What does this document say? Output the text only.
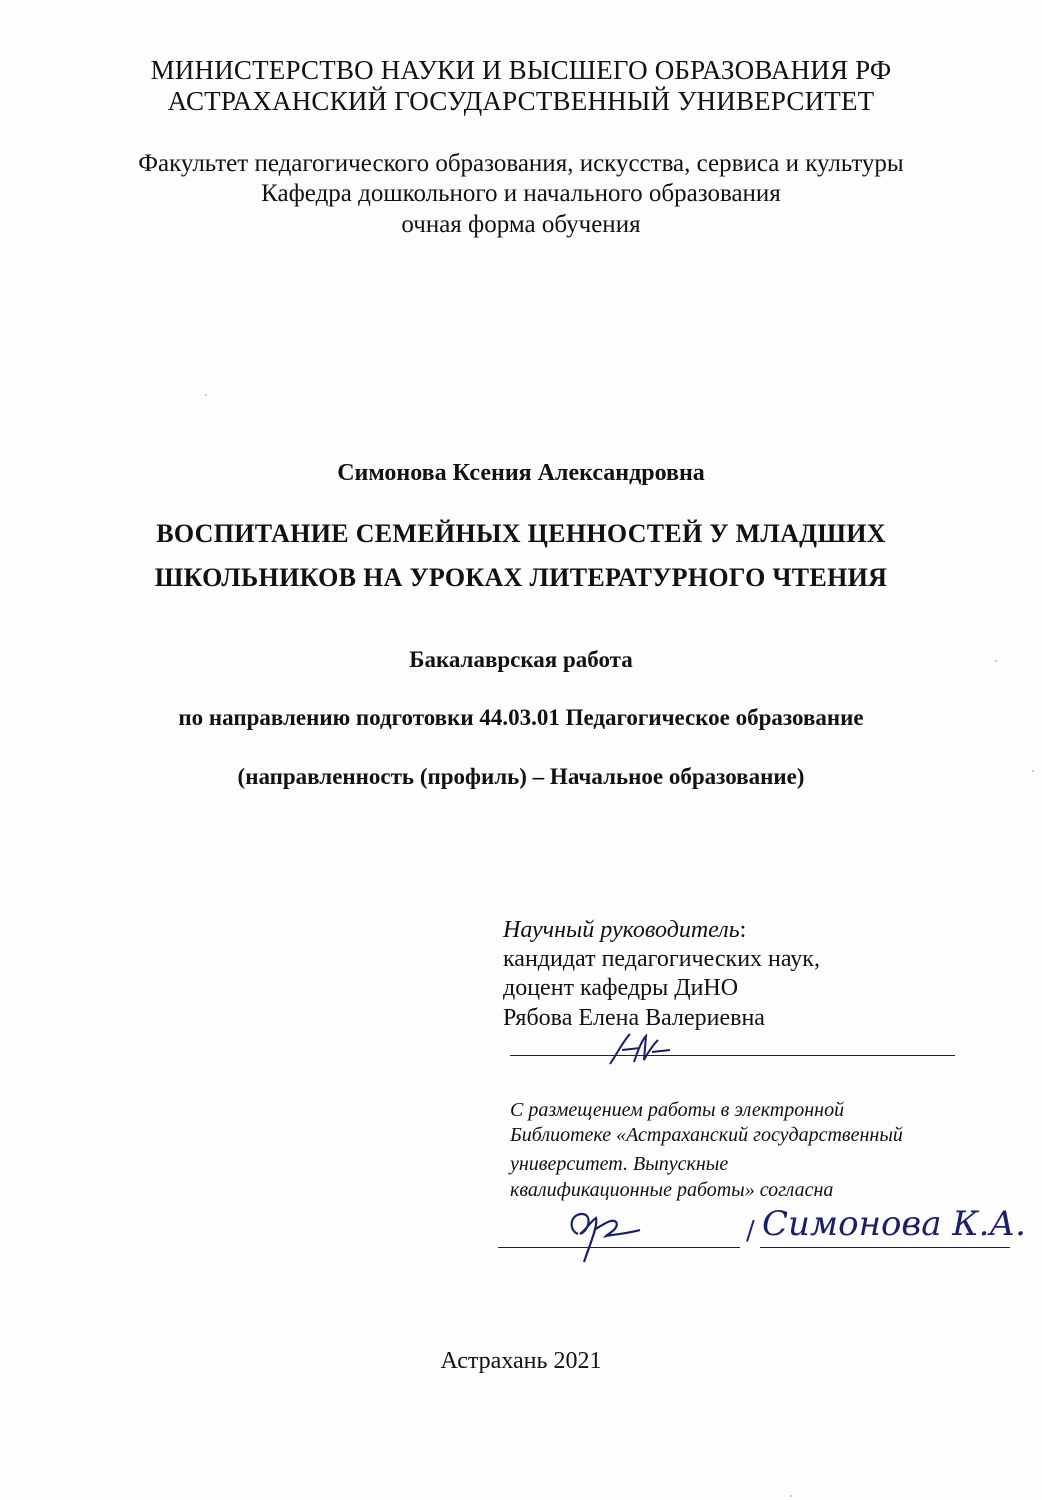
МИНИСТЕРСТВО НАУКИ И ВЫСШЕГО ОБРАЗОВАНИЯ РФ
АСТРАХАНСКИЙ ГОСУДАРСТВЕННЫЙ УНИВЕРСИТЕТ
Факультет педагогического образования, искусства, сервиса и культуры
Кафедра дошкольного и начального образования
очная форма обучения
Симонова Ксения Александровна
ВОСПИТАНИЕ СЕМЕЙНЫХ ЦЕННОСТЕЙ У МЛАДШИХ
ШКОЛЬНИКОВ НА УРОКАХ ЛИТЕРАТУРНОГО ЧТЕНИЯ
Бакалаврская работа
по направлению подготовки 44.03.01 Педагогическое образование
(направленность (профиль) – Начальное образование)
Научный руководитель:
кандидат педагогических наук,
доцент кафедры ДиНО
Рябова Елена Валериевна
С размещением работы в электронной
Библиотеке «Астраханский государственный
университет. Выпускные
квалификационные работы» согласна
/ Симонова К.А.
Астрахань 2021
